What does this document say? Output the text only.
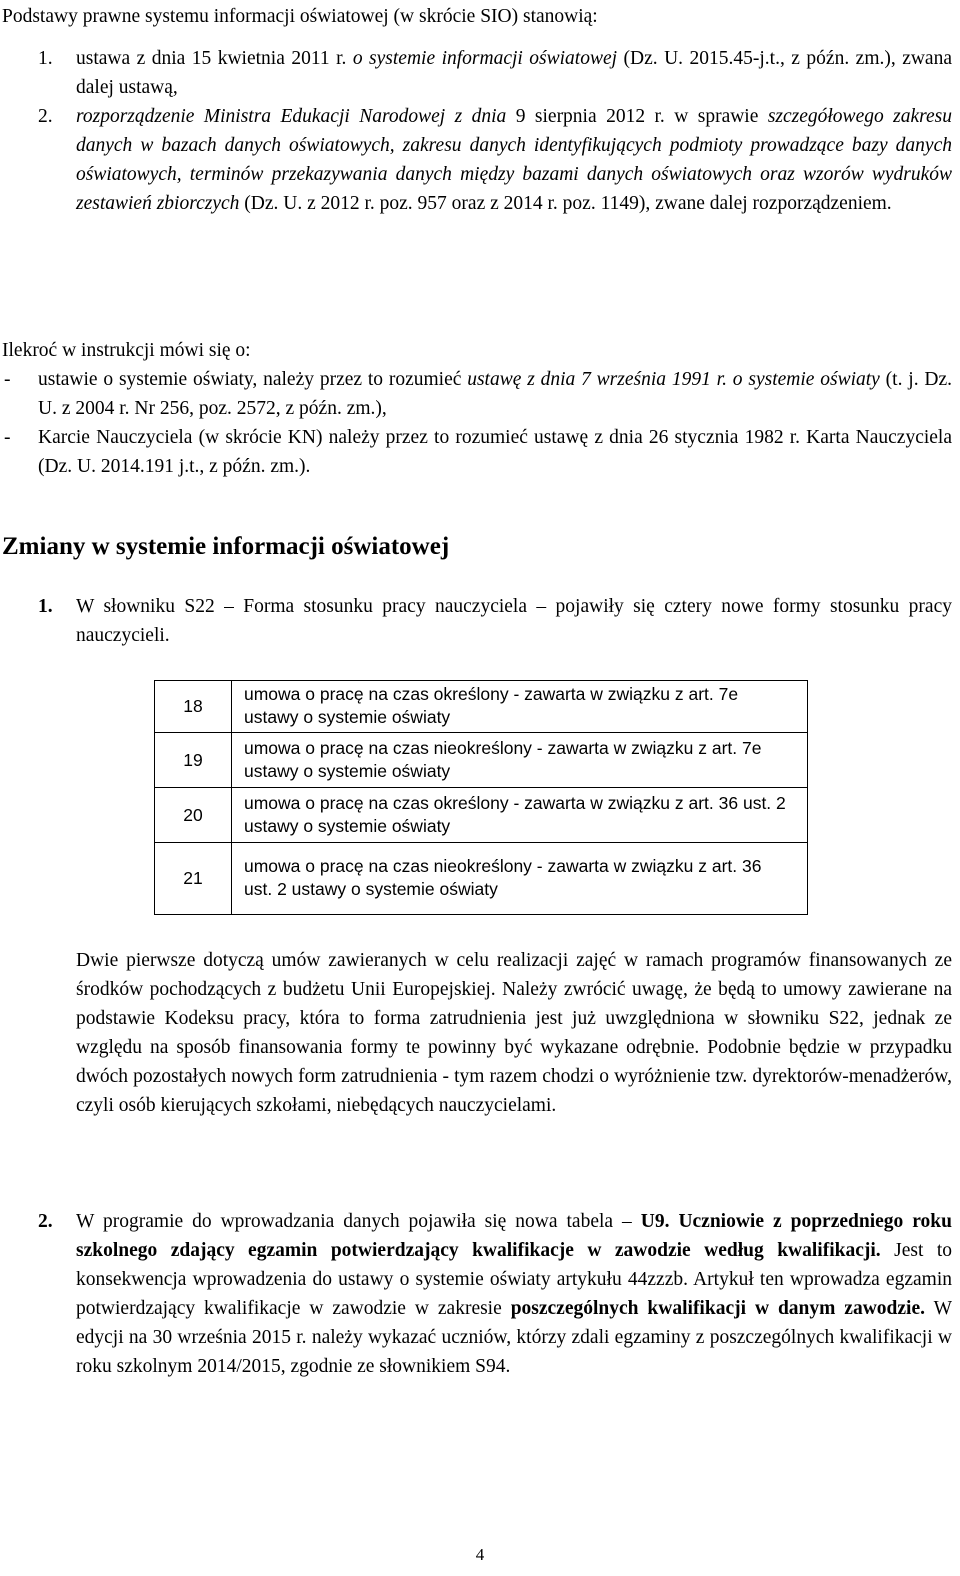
Podstawy prawne systemu informacji oświatowej (w skrócie SIO) stanowią:

1. ustawa z dnia 15 kwietnia 2011 r. o systemie informacji oświatowej (Dz. U. 2015.45-j.t., z późn. zm.), zwana dalej ustawą,
2. rozporządzenie Ministra Edukacji Narodowej z dnia 9 sierpnia 2012 r. w sprawie szczegółowego zakresu danych w bazach danych oświatowych, zakresu danych identyfikujących podmioty prowadzące bazy danych oświatowych, terminów przekazywania danych między bazami danych oświatowych oraz wzorów wydruków zestawień zbiorczych (Dz. U. z 2012 r. poz. 957 oraz z 2014 r. poz. 1149), zwane dalej rozporządzeniem.

Ilekroć w instrukcji mówi się o:

- ustawie o systemie oświaty, należy przez to rozumieć ustawę z dnia 7 września 1991 r. o systemie oświaty (t. j. Dz. U. z 2004 r. Nr 256, poz. 2572, z późn. zm.),
- Karcie Nauczyciela (w skrócie KN) należy przez to rozumieć ustawę z dnia 26 stycznia 1982 r. Karta Nauczyciela (Dz. U. 2014.191 j.t., z późn. zm.).
Zmiany w systemie informacji oświatowej
1. W słowniku S22 – Forma stosunku pracy nauczyciela – pojawiły się cztery nowe formy stosunku pracy nauczycieli.
18	umowa o pracę na czas określony - zawarta w związku z art. 7e ustawy o systemie oświaty
19	umowa o pracę na czas nieokreślony - zawarta w związku z art. 7e ustawy o systemie oświaty
20	umowa o pracę na czas określony - zawarta w związku z art. 36 ust. 2 ustawy o systemie oświaty
21	umowa o pracę na czas nieokreślony - zawarta w związku z art. 36 ust. 2 ustawy o systemie oświaty
Dwie pierwsze dotyczą umów zawieranych w celu realizacji zajęć w ramach programów finansowanych ze środków pochodzących z budżetu Unii Europejskiej. Należy zwrócić uwagę, że będą to umowy zawierane na podstawie Kodeksu pracy, która to forma zatrudnienia jest już uwzględniona w słowniku S22, jednak ze względu na sposób finansowania formy te powinny być wykazane odrębnie. Podobnie będzie w przypadku dwóch pozostałych nowych form zatrudnienia - tym razem chodzi o wyróżnienie tzw. dyrektorów-menadżerów, czyli osób kierujących szkołami, niebędących nauczycielami.
2. W programie do wprowadzania danych pojawiła się nowa tabela – U9. Uczniowie z poprzedniego roku szkolnego zdający egzamin potwierdzający kwalifikacje w zawodzie według kwalifikacji. Jest to konsekwencja wprowadzenia do ustawy o systemie oświaty artykułu 44zzzb. Artykuł ten wprowadza egzamin potwierdzający kwalifikacje w zawodzie w zakresie poszczególnych kwalifikacji w danym zawodzie. W edycji na 30 września 2015 r. należy wykazać uczniów, którzy zdali egzaminy z poszczególnych kwalifikacji w roku szkolnym 2014/2015, zgodnie ze słownikiem S94.
4
